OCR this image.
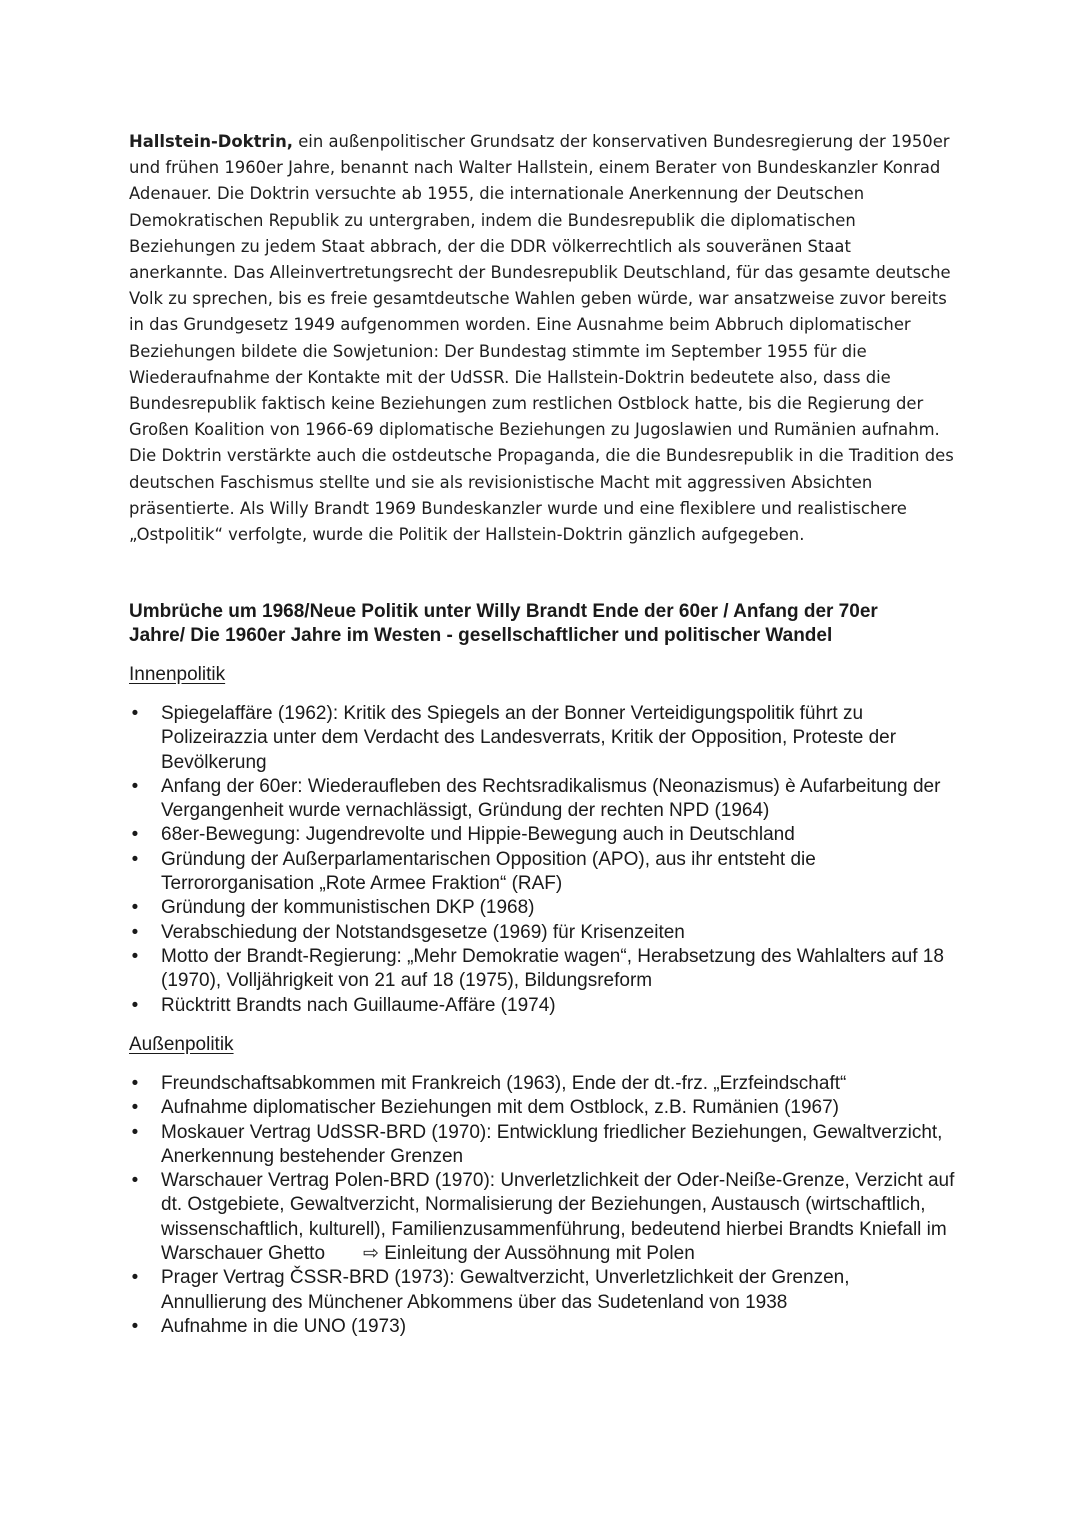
Hallstein-Doktrin, ein außenpolitischer Grundsatz der konservativen Bundesregierung der 1950er und frühen 1960er Jahre, benannt nach Walter Hallstein, einem Berater von Bundeskanzler Konrad Adenauer. Die Doktrin versuchte ab 1955, die internationale Anerkennung der Deutschen Demokratischen Republik zu untergraben, indem die Bundesrepublik die diplomatischen Beziehungen zu jedem Staat abbrach, der die DDR völkerrechtlich als souveränen Staat anerkannte. Das Alleinvertretungsrecht der Bundesrepublik Deutschland, für das gesamte deutsche Volk zu sprechen, bis es freie gesamtdeutsche Wahlen geben würde, war ansatzweise zuvor bereits in das Grundgesetz 1949 aufgenommen worden. Eine Ausnahme beim Abbruch diplomatischer Beziehungen bildete die Sowjetunion: Der Bundestag stimmte im September 1955 für die Wiederaufnahme der Kontakte mit der UdSSR. Die Hallstein-Doktrin bedeutete also, dass die Bundesrepublik faktisch keine Beziehungen zum restlichen Ostblock hatte, bis die Regierung der Großen Koalition von 1966-69 diplomatische Beziehungen zu Jugoslawien und Rumänien aufnahm. Die Doktrin verstärkte auch die ostdeutsche Propaganda, die die Bundesrepublik in die Tradition des deutschen Faschismus stellte und sie als revisionistische Macht mit aggressiven Absichten präsentierte. Als Willy Brandt 1969 Bundeskanzler wurde und eine flexiblere und realistischere „Ostpolitik“ verfolgte, wurde die Politik der Hallstein-Doktrin gänzlich aufgegeben.

Umbrüche um 1968/Neue Politik unter Willy Brandt Ende der 60er / Anfang der 70er Jahre/ Die 1960er Jahre im Westen - gesellschaftlicher und politischer Wandel
Innenpolitik
• Spiegelaffäre (1962): Kritik des Spiegels an der Bonner Verteidigungspolitik führt zu Polizeirazzia unter dem Verdacht des Landesverrats, Kritik der Opposition, Proteste der Bevölkerung
• Anfang der 60er: Wiederaufleben des Rechtsradikalismus (Neonazismus) è Aufarbeitung der Vergangenheit wurde vernachlässigt, Gründung der rechten NPD (1964)
• 68er-Bewegung: Jugendrevolte und Hippie-Bewegung auch in Deutschland
• Gründung der Außerparlamentarischen Opposition (APO), aus ihr entsteht die Terrororganisation „Rote Armee Fraktion“ (RAF)
• Gründung der kommunistischen DKP (1968)
• Verabschiedung der Notstandsgesetze (1969) für Krisenzeiten
• Motto der Brandt-Regierung: „Mehr Demokratie wagen“, Herabsetzung des Wahlalters auf 18 (1970), Volljährigkeit von 21 auf 18 (1975), Bildungsreform
• Rücktritt Brandts nach Guillaume-Affäre (1974)
Außenpolitik
• Freundschaftsabkommen mit Frankreich (1963), Ende der dt.-frz. „Erzfeindschaft“
• Aufnahme diplomatischer Beziehungen mit dem Ostblock, z.B. Rumänien (1967)
• Moskauer Vertrag UdSSR-BRD (1970): Entwicklung friedlicher Beziehungen, Gewaltverzicht, Anerkennung bestehender Grenzen
• Warschauer Vertrag Polen-BRD (1970): Unverletzlichkeit der Oder-Neiße-Grenze, Verzicht auf dt. Ostgebiete, Gewaltverzicht, Normalisierung der Beziehungen, Austausch (wirtschaftlich, wissenschaftlich, kulturell), Familienzusammenführung, bedeutend hierbei Brandts Kniefall im Warschauer Ghetto ⇨ Einleitung der Aussöhnung mit Polen
• Prager Vertrag ČSSR-BRD (1973): Gewaltverzicht, Unverletzlichkeit der Grenzen, Annullierung des Münchener Abkommens über das Sudetenland von 1938
• Aufnahme in die UNO (1973)
